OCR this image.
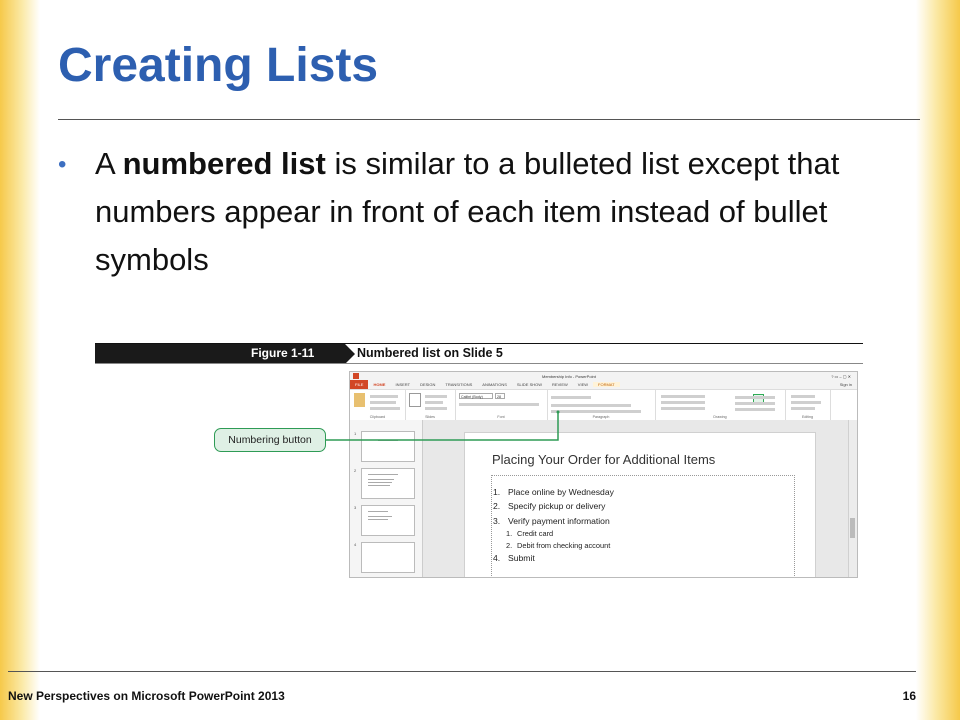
Creating Lists
• A numbered list is similar to a bulleted list except that numbers appear in front of each item instead of bullet symbols
Figure 1-11	Numbered list on Slide 5
Membership Info - PowerPoint	? ▭ – ▢ ✕
FILE	HOME	INSERT	DESIGN	TRANSITIONS	ANIMATIONS	SLIDE SHOW	REVIEW	VIEW	FORMAT	Sign in
Clipboard	Slides
Calibri (Body)	28
Font	Paragraph	Drawing	Editing
1
2
3
4
Placing Your Order for Additional Items
1. Place online by Wednesday
2. Specify pickup or delivery
3. Verify payment information
1. Credit card
2. Debit from checking account
4. Submit
Numbering button
New Perspectives on Microsoft PowerPoint 2013	16
